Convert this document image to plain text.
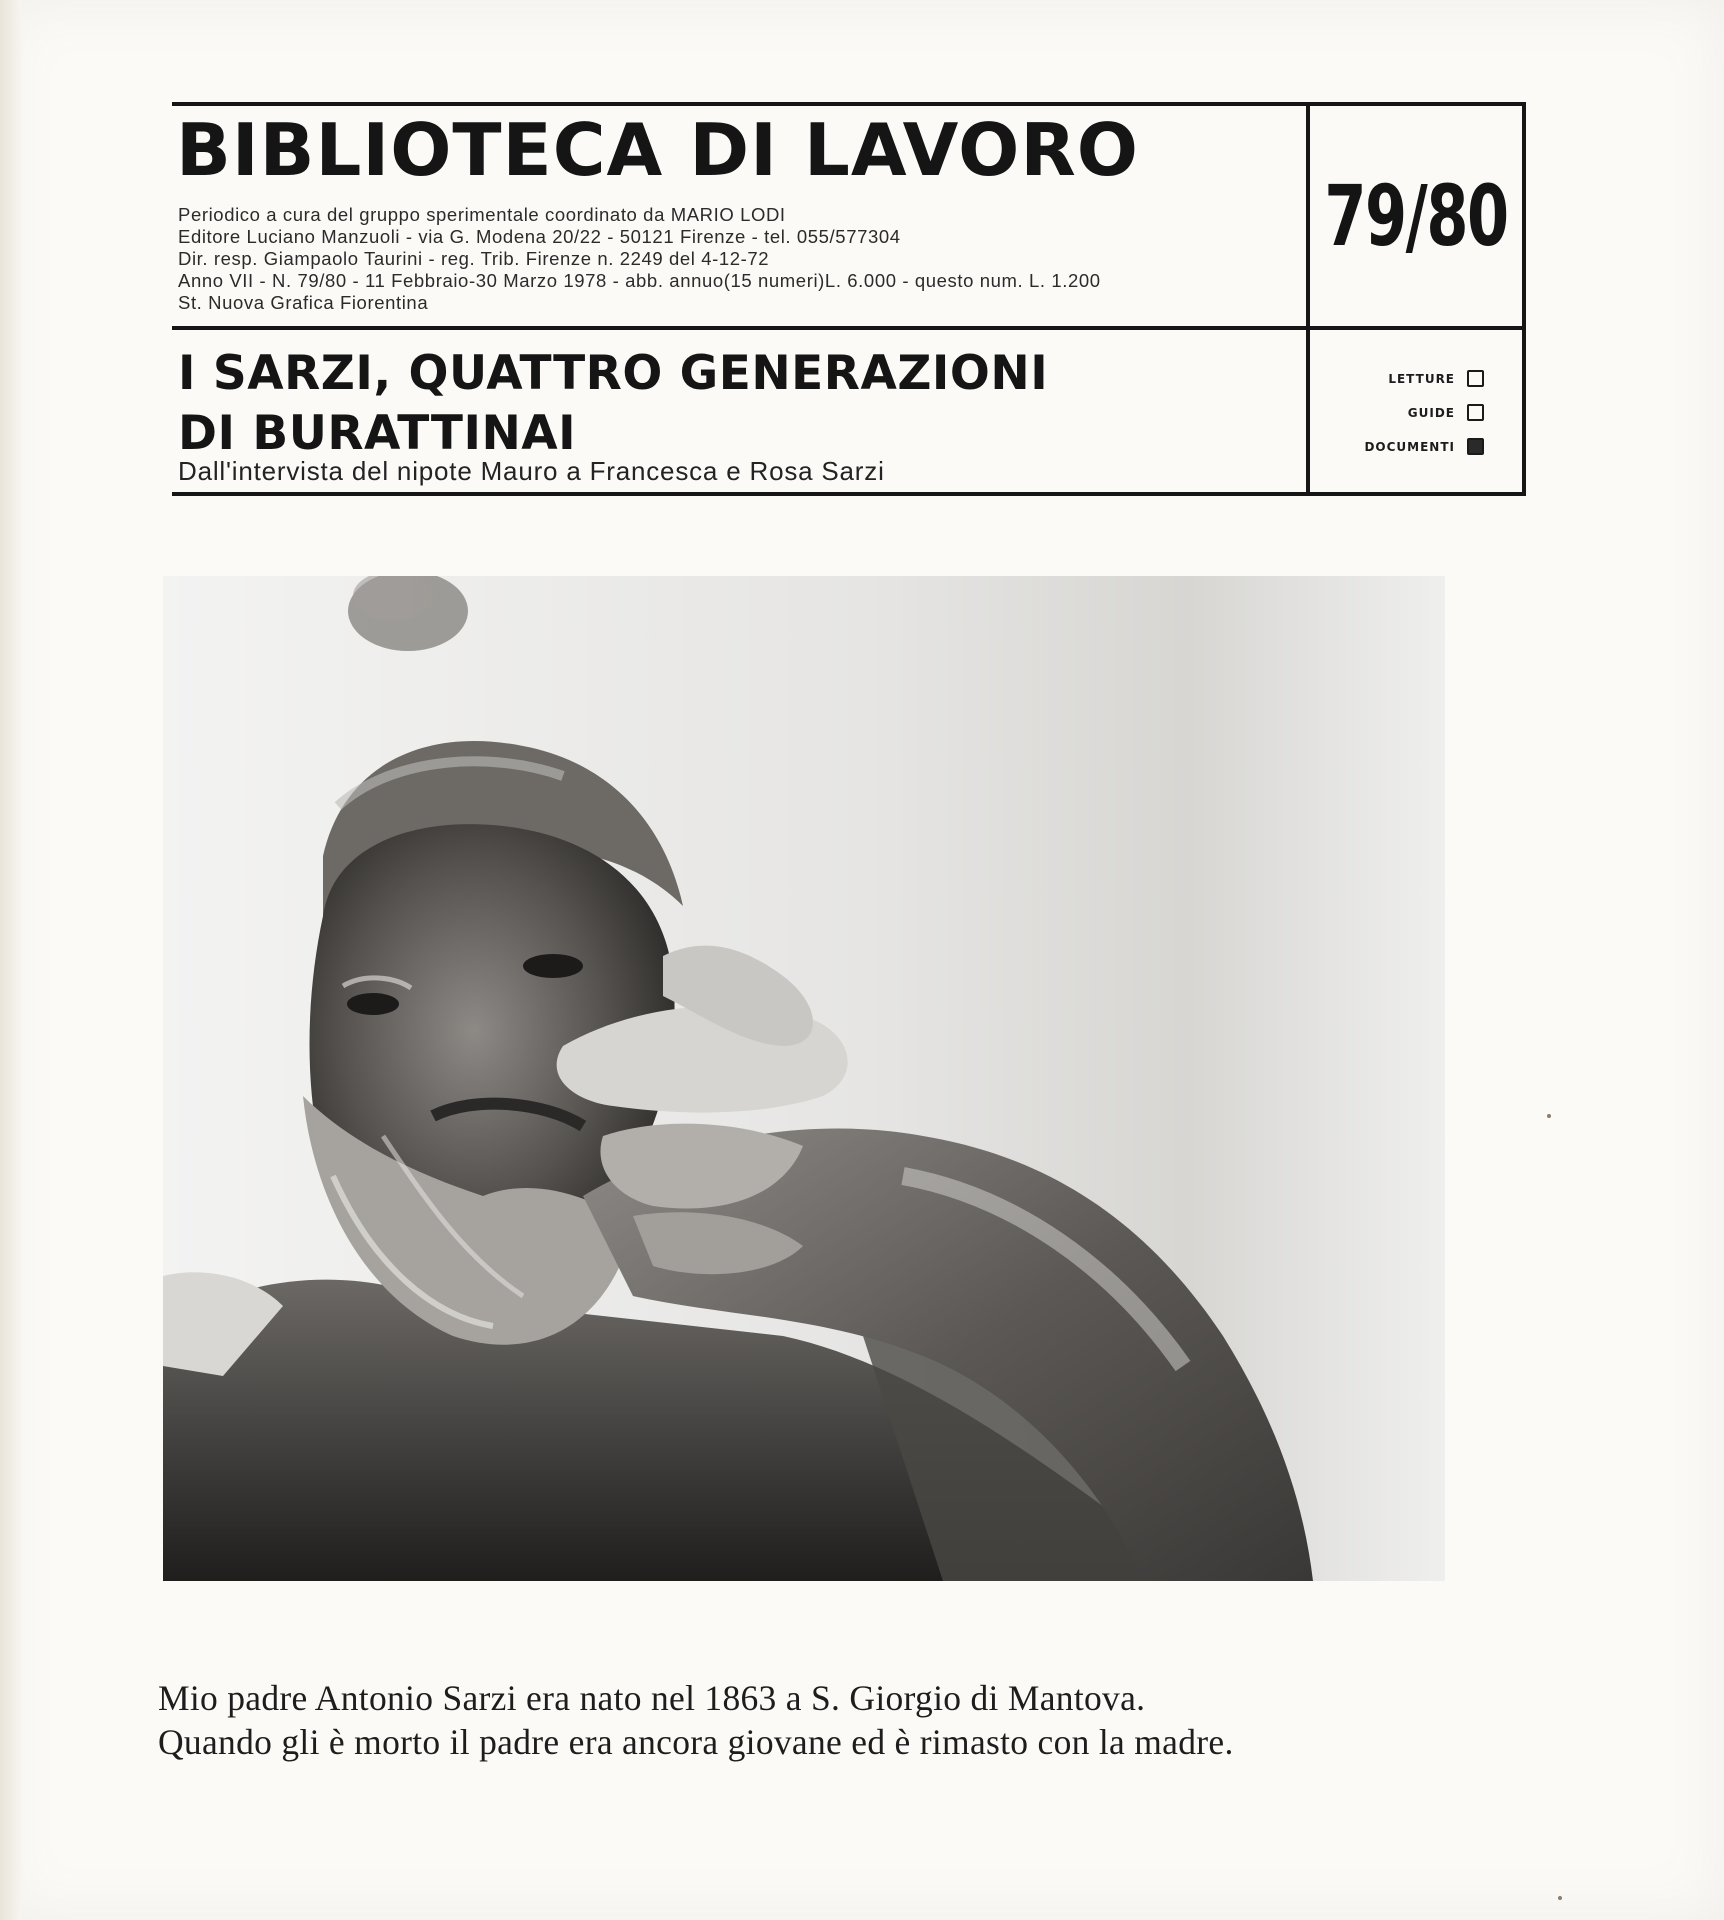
BIBLIOTECA DI LAVORO
Periodico a cura del gruppo sperimentale coordinato da MARIO LODI
Editore Luciano Manzuoli - via G. Modena 20/22 - 50121 Firenze - tel. 055/577304
Dir. resp. Giampaolo Taurini - reg. Trib. Firenze n. 2249 del 4-12-72
Anno VII - N. 79/80 - 11 Febbraio-30 Marzo 1978 - abb. annuo(15 numeri)L. 6.000 - questo num. L. 1.200
St. Nuova Grafica Fiorentina
79/80
I SARZI, QUATTRO GENERAZIONI
DI BURATTINAI
Dall'intervista del nipote Mauro a Francesca e Rosa Sarzi
LETTURE
GUIDE
DOCUMENTI
Mio padre Antonio Sarzi era nato nel 1863 a S. Giorgio di Mantova.
Quando gli è morto il padre era ancora giovane ed è rimasto con la madre.
